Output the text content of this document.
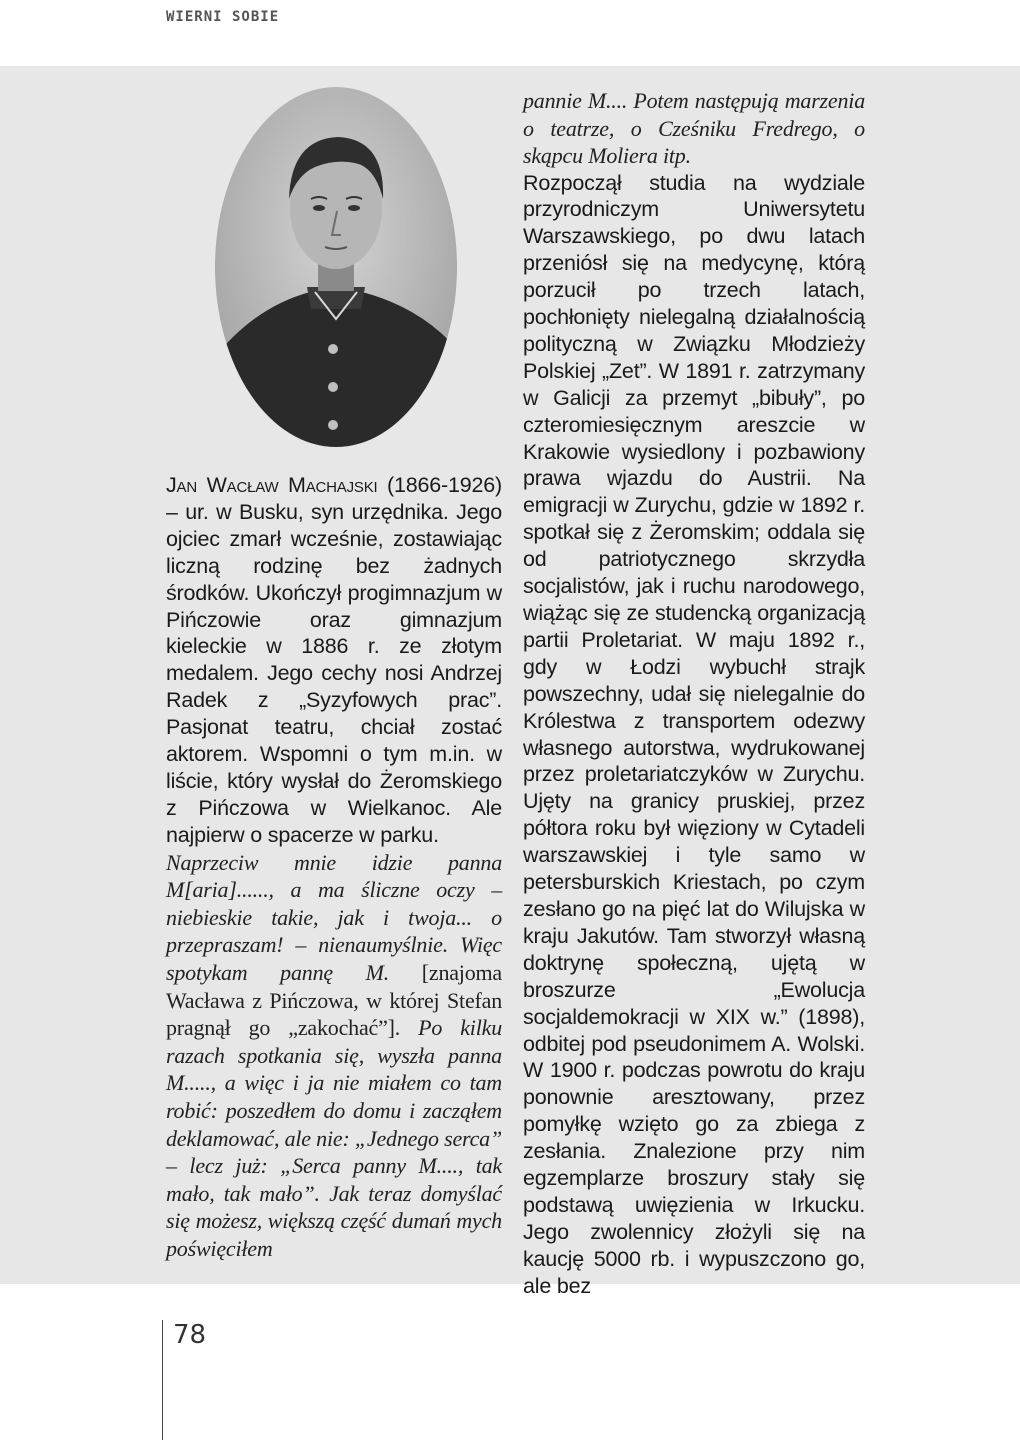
WIERNI SOBIE

Jan Wacław Machajski (1866-1926) – ur. w Busku, syn urzędnika. Jego ojciec zmarł wcześnie, zostawiając liczną rodzinę bez żadnych środków. Ukończył progimnazjum w Pińczowie oraz gimnazjum kieleckie w 1886 r. ze złotym medalem. Jego cechy nosi Andrzej Radek z „Syzyfowych prac”. Pasjonat teatru, chciał zostać aktorem. Wspomni o tym m.in. w liście, który wysłał do Żeromskiego z Pińczowa w Wielkanoc. Ale najpierw o spacerze w parku.

Naprzeciw mnie idzie panna M[aria]......, a ma śliczne oczy – niebieskie takie, jak i twoja... o przepraszam! – nienaumyślnie. Więc spotykam pannę M. [znajoma Wacława z Pińczowa, w której Stefan pragnął go „zakochać”]. Po kilku razach spotkania się, wyszła panna M....., a więc i ja nie miałem co tam robić: poszedłem do domu i zacząłem deklamować, ale nie: „Jednego serca” – lecz już: „Serca panny M...., tak mało, tak mało”. Jak teraz domyślać się możesz, większą część dumań mych poświęciłem

pannie M.... Potem następują marzenia o teatrze, o Cześniku Fredrego, o skąpcu Moliera itp.

Rozpoczął studia na wydziale przyrodniczym Uniwersytetu Warszawskiego, po dwu latach przeniósł się na medycynę, którą porzucił po trzech latach, pochłonięty nielegalną działalnością polityczną w Związku Młodzieży Polskiej „Zet”. W 1891 r. zatrzymany w Galicji za przemyt „bibuły”, po czteromiesięcznym areszcie w Krakowie wysiedlony i pozbawiony prawa wjazdu do Austrii. Na emigracji w Zurychu, gdzie w 1892 r. spotkał się z Żeromskim; oddala się od patriotycznego skrzydła socjalistów, jak i ruchu narodowego, wiążąc się ze studencką organizacją partii Proletariat. W maju 1892 r., gdy w Łodzi wybuchł strajk powszechny, udał się nielegalnie do Królestwa z transportem odezwy własnego autorstwa, wydrukowanej przez proletariatczyków w Zurychu. Ujęty na granicy pruskiej, przez półtora roku był więziony w Cytadeli warszawskiej i tyle samo w petersburskich Kriestach, po czym zesłano go na pięć lat do Wilujska w kraju Jakutów. Tam stworzył własną doktrynę społeczną, ujętą w broszurze „Ewolucja socjaldemokracji w XIX w.” (1898), odbitej pod pseudonimem A. Wolski. W 1900 r. podczas powrotu do kraju ponownie aresztowany, przez pomyłkę wzięto go za zbiega z zesłania. Znalezione przy nim egzemplarze broszury stały się podstawą uwięzienia w Irkucku. Jego zwolennicy złożyli się na kaucję 5000 rb. i wypuszczono go, ale bez

78
